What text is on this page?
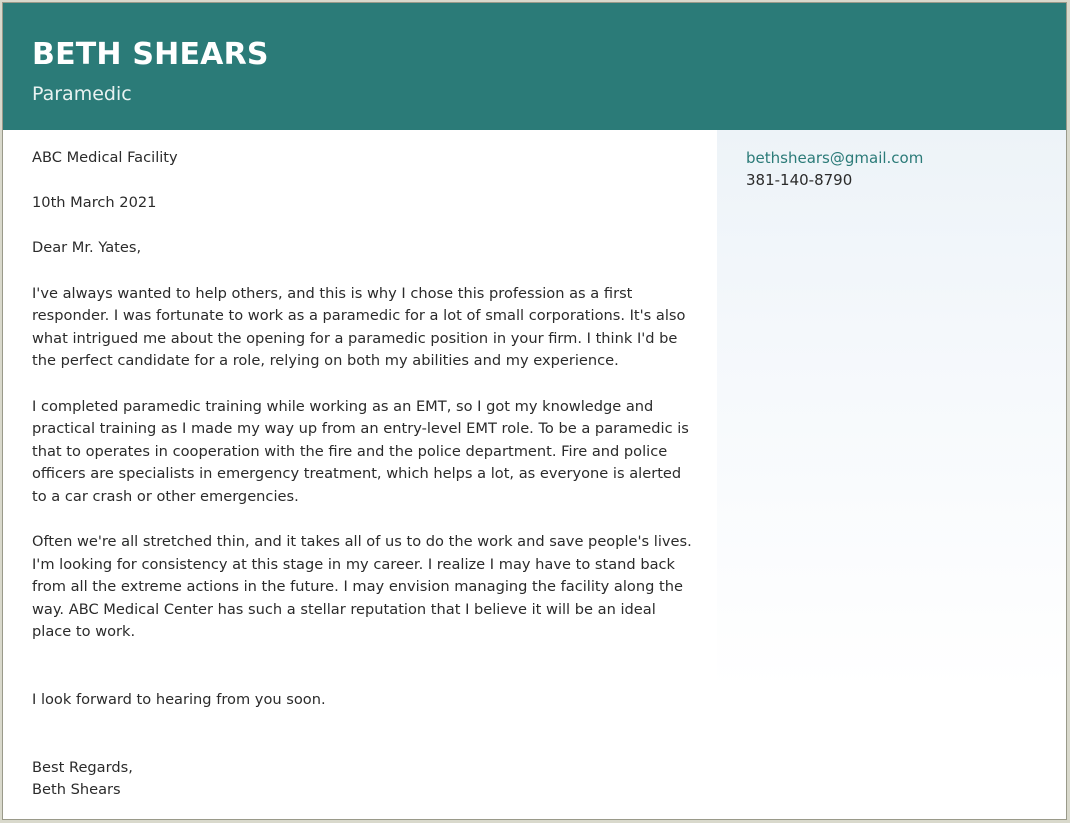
BETH SHEARS
Paramedic
bethshears@gmail.com
381-140-8790

ABC Medical Facility

10th March 2021

Dear Mr. Yates,

I've always wanted to help others, and this is why I chose this profession as a first responder. I was fortunate to work as a paramedic for a lot of small corporations. It's also what intrigued me about the opening for a paramedic position in your firm. I think I'd be the perfect candidate for a role, relying on both my abilities and my experience.

I completed paramedic training while working as an EMT, so I got my knowledge and practical training as I made my way up from an entry-level EMT role. To be a paramedic is that to operates in cooperation with the fire and the police department. Fire and police officers are specialists in emergency treatment, which helps a lot, as everyone is alerted to a car crash or other emergencies.

Often we're all stretched thin, and it takes all of us to do the work and save people's lives. I'm looking for consistency at this stage in my career. I realize I may have to stand back from all the extreme actions in the future. I may envision managing the facility along the way. ABC Medical Center has such a stellar reputation that I believe it will be an ideal place to work.

I look forward to hearing from you soon.

Best Regards,

Beth Shears
